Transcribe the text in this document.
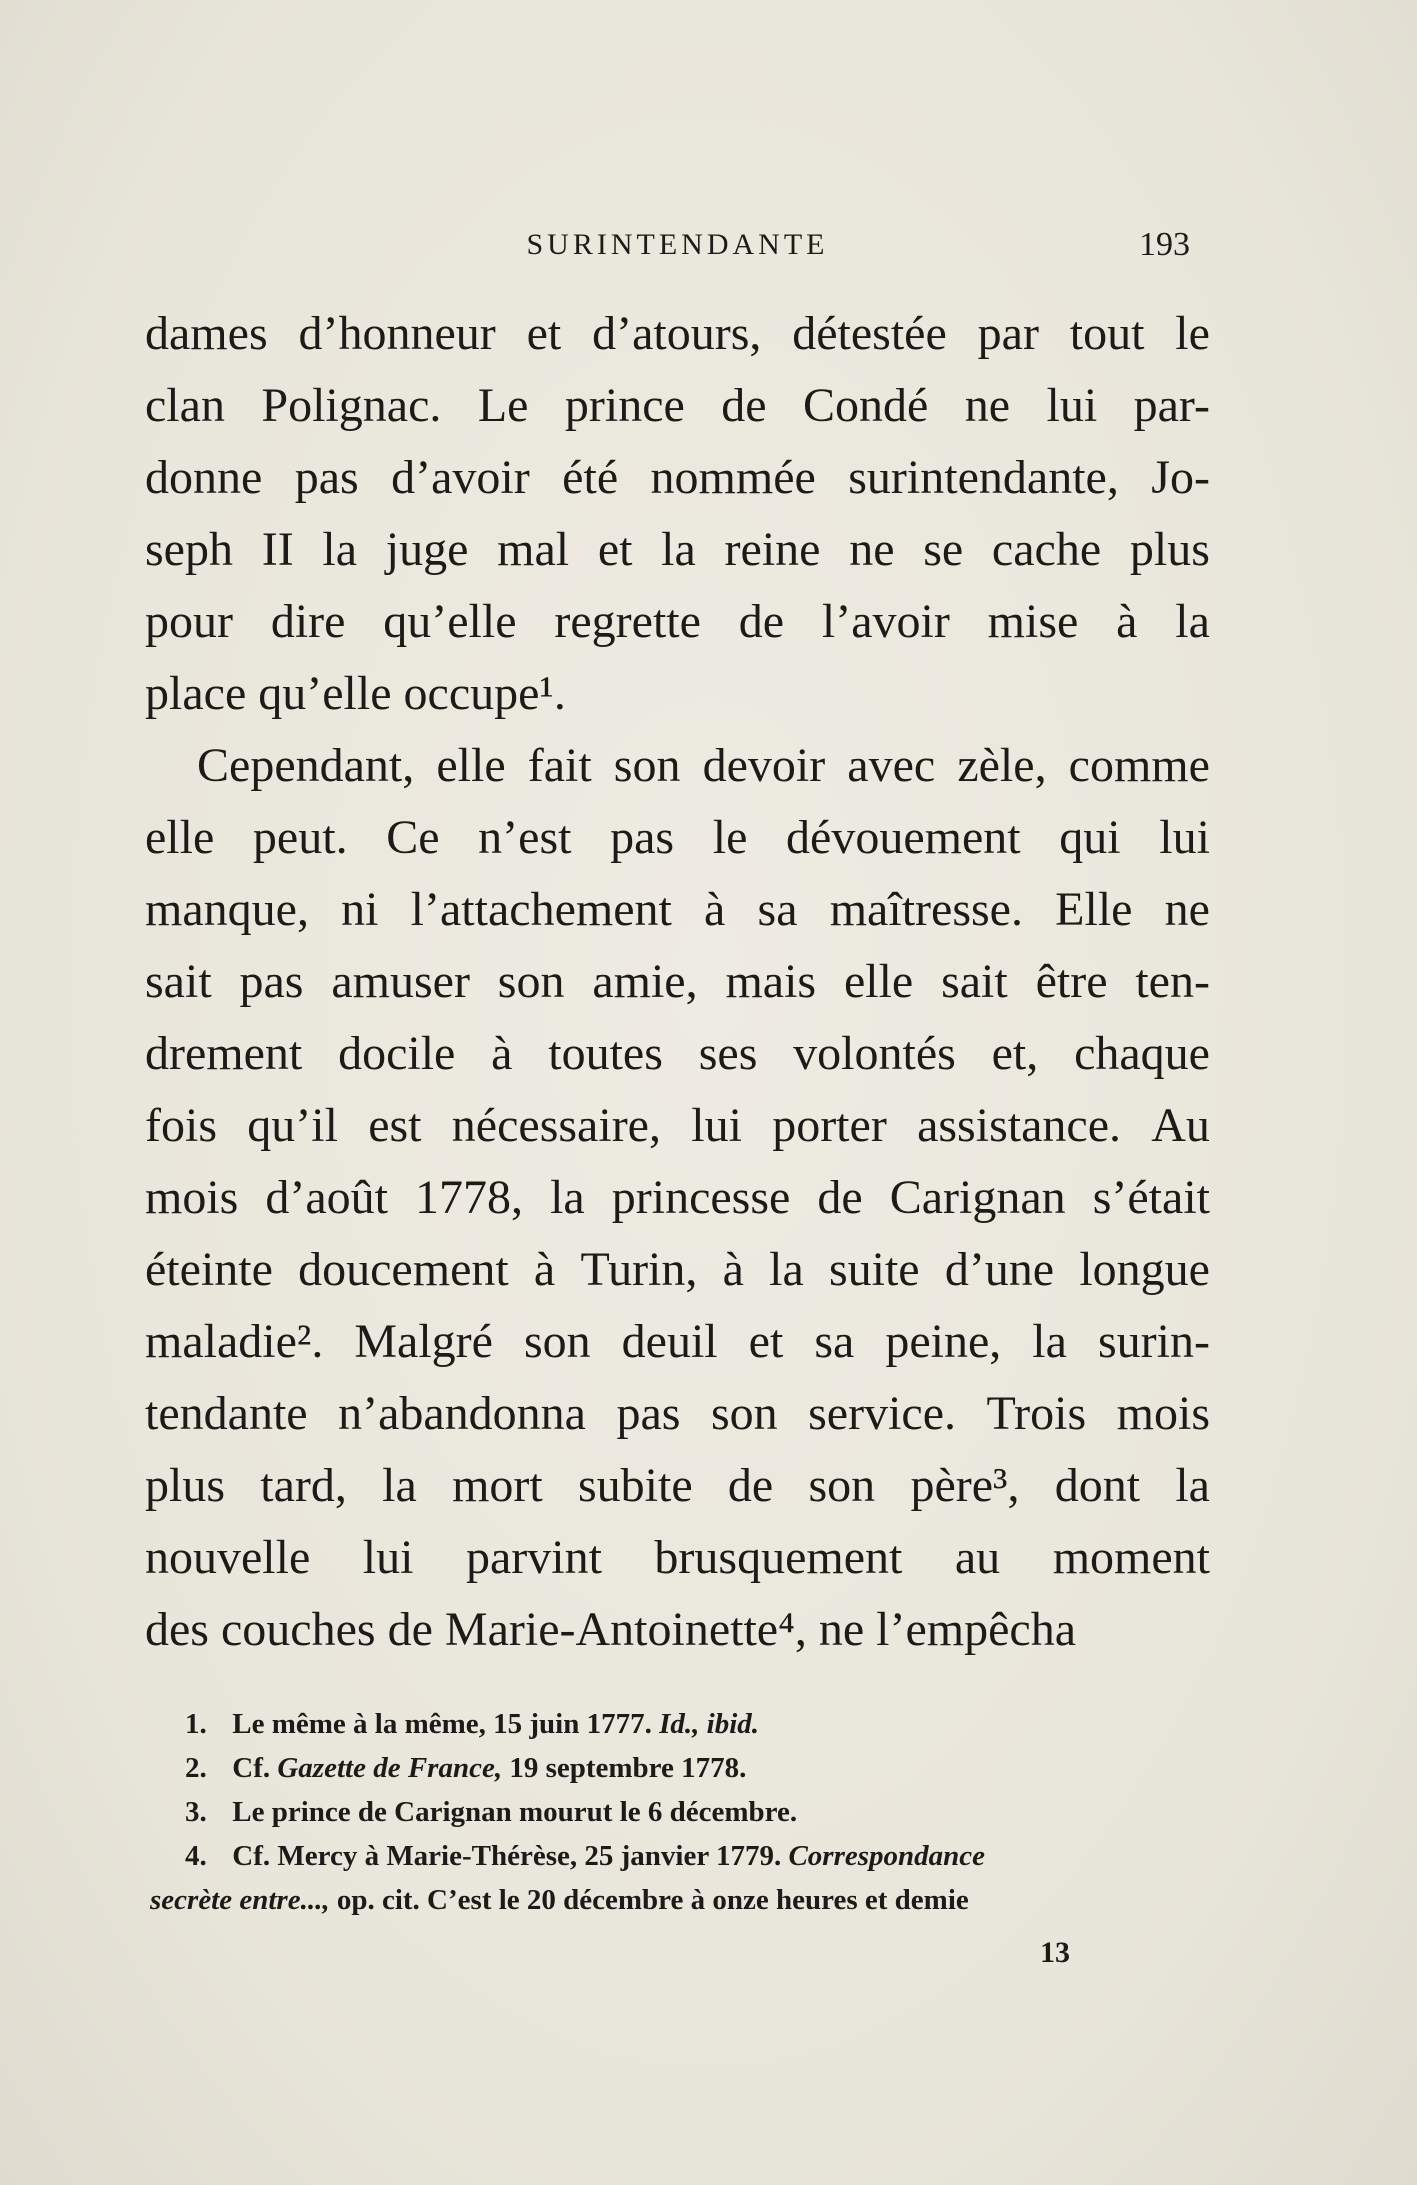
SURINTENDANTE	193
dames d’honneur et d’atours, détestée par tout le
clan Polignac. Le prince de Condé ne lui par-
donne pas d’avoir été nommée surintendante, Jo-
seph II la juge mal et la reine ne se cache plus
pour dire qu’elle regrette de l’avoir mise à la
place qu’elle occupe¹.
Cependant, elle fait son devoir avec zèle, comme
elle peut. Ce n’est pas le dévouement qui lui
manque, ni l’attachement à sa maîtresse. Elle ne
sait pas amuser son amie, mais elle sait être ten-
drement docile à toutes ses volontés et, chaque
fois qu’il est nécessaire, lui porter assistance. Au
mois d’août 1778, la princesse de Carignan s’était
éteinte doucement à Turin, à la suite d’une longue
maladie². Malgré son deuil et sa peine, la surin-
tendante n’abandonna pas son service. Trois mois
plus tard, la mort subite de son père³, dont la
nouvelle lui parvint brusquement au moment
des couches de Marie-Antoinette⁴, ne l’empêcha
1. Le même à la même, 15 juin 1777. Id., ibid.
2. Cf. Gazette de France, 19 septembre 1778.
3. Le prince de Carignan mourut le 6 décembre.
4. Cf. Mercy à Marie-Thérèse, 25 janvier 1779. Correspondance
secrète entre..., op. cit. C’est le 20 décembre à onze heures et demie
13
